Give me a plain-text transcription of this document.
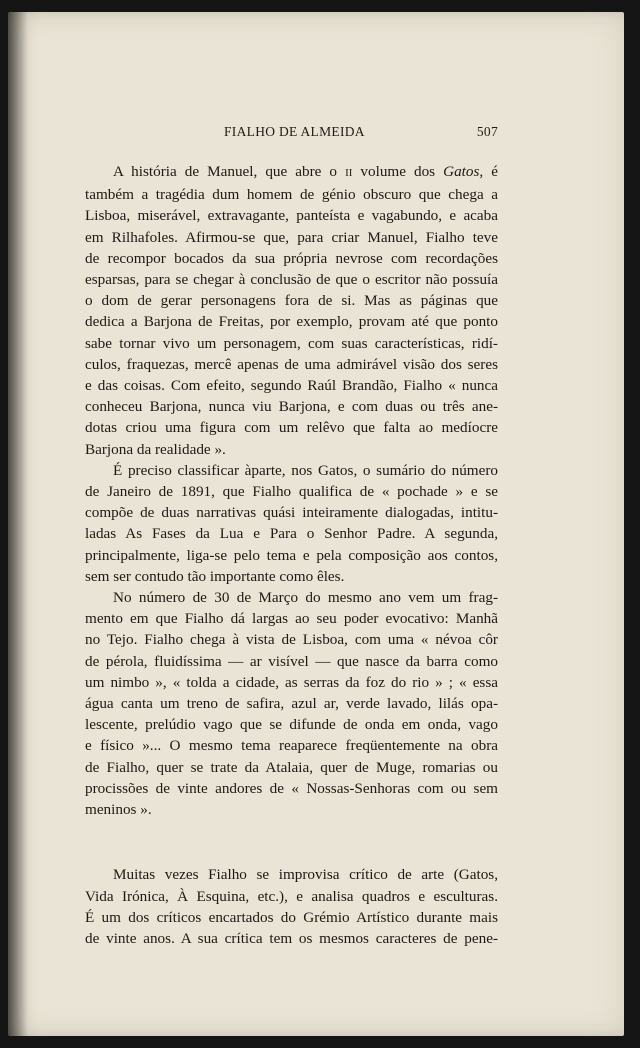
FIALHO DE ALMEIDA	507
A história de Manuel, que abre o II volume dos Gatos, é
também a tragédia dum homem de génio obscuro que chega a
Lisboa, miserável, extravagante, panteísta e vagabundo, e acaba
em Rilhafoles. Afirmou-se que, para criar Manuel, Fialho teve
de recompor bocados da sua própria nevrose com recordações
esparsas, para se chegar à conclusão de que o escritor não possuía
o dom de gerar personagens fora de si. Mas as páginas que
dedica a Barjona de Freitas, por exemplo, provam até que ponto
sabe tornar vivo um personagem, com suas características, ridí-
culos, fraquezas, mercê apenas de uma admirável visão dos seres
e das coisas. Com efeito, segundo Raúl Brandão, Fialho « nunca
conheceu Barjona, nunca viu Barjona, e com duas ou três ane-
dotas criou uma figura com um relêvo que falta ao medíocre
Barjona da realidade ».
É preciso classificar àparte, nos Gatos, o sumário do número
de Janeiro de 1891, que Fialho qualifica de « pochade » e se
compõe de duas narrativas quási inteiramente dialogadas, intitu-
ladas As Fases da Lua e Para o Senhor Padre. A segunda,
principalmente, liga-se pelo tema e pela composição aos contos,
sem ser contudo tão importante como êles.
No número de 30 de Março do mesmo ano vem um frag-
mento em que Fialho dá largas ao seu poder evocativo: Manhã
no Tejo. Fialho chega à vista de Lisboa, com uma « névoa côr
de pérola, fluidíssima — ar visível — que nasce da barra como
um nimbo », « tolda a cidade, as serras da foz do rio » ; « essa
água canta um treno de safira, azul ar, verde lavado, lilás opa-
lescente, prelúdio vago que se difunde de onda em onda, vago
e físico »... O mesmo tema reaparece freqüentemente na obra
de Fialho, quer se trate da Atalaia, quer de Muge, romarias ou
procissões de vinte andores de « Nossas-Senhoras com ou sem
meninos ».
Muitas vezes Fialho se improvisa crítico de arte (Gatos,
Vida Irónica, À Esquina, etc.), e analisa quadros e esculturas.
É um dos críticos encartados do Grémio Artístico durante mais
de vinte anos. A sua crítica tem os mesmos caracteres de pene-
